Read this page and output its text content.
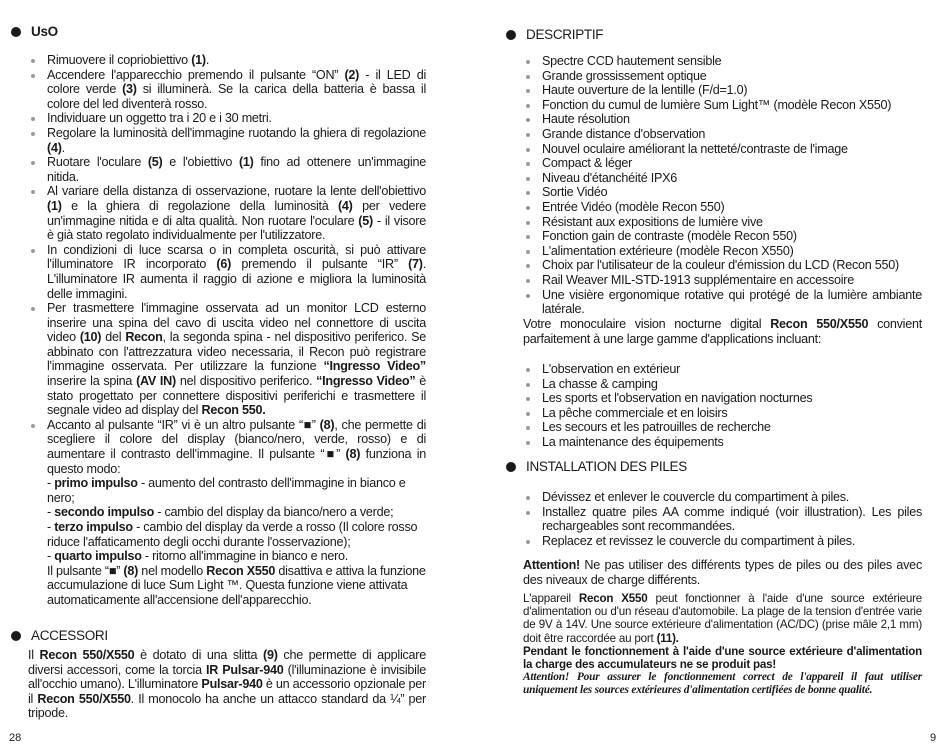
UsO
Rimuovere il copriobiettivo (1).
Accendere l'apparecchio premendo il pulsante “ON” (2) - il LED di colore verde (3) si illuminerà. Se la carica della batteria è bassa il colore del led diventerà rosso.
Individuare un oggetto tra i 20 e i 30 metri.
Regolare la luminosità dell'immagine ruotando la ghiera di regolazione (4).
Ruotare l'oculare (5) e l'obiettivo (1) fino ad ottenere un'immagine nitida.
Al variare della distanza di osservazione, ruotare la lente dell'obiettivo (1) e la ghiera di regolazione della luminosità (4) per vedere un'immagine nitida e di alta qualità. Non ruotare l'oculare (5) - il visore è già stato regolato individualmente per l'utilizzatore.
In condizioni di luce scarsa o in completa oscurità, si può attivare l'illuminatore IR incorporato (6) premendo il pulsante “IR” (7). L'illuminatore IR aumenta il raggio di azione e migliora la luminosità delle immagini.
Per trasmettere l'immagine osservata ad un monitor LCD esterno inserire una spina del cavo di uscita video nel connettore di uscita video (10) del Recon, la segonda spina - nel dispositivo periferico. Se abbinato con l'attrezzatura video necessaria, il Recon può registrare l'immagine osservata. Per utilizzare la funzione “Ingresso Video” inserire la spina (AV IN) nel dispositivo periferico. “Ingresso Video” è stato progettato per connettere dispositivi periferichi e trasmettere il segnale video ad display del Recon 550.
Accanto al pulsante “IR” vi è un altro pulsante “■” (8), che permette di scegliere il colore del display (bianco/nero, verde, rosso) e di aumentare il contrasto dell'immagine. Il pulsante “■” (8) funziona in questo modo:
- primo impulso - aumento del contrasto dell'immagine in bianco e nero;
- secondo impulso - cambio del display da bianco/nero a verde;
- terzo impulso - cambio del display da verde a rosso (Il colore rosso riduce l'affaticamento degli occhi durante l'osservazione);
- quarto impulso - ritorno all'immagine in bianco e nero.
Il pulsante “■” (8) nel modello Recon X550 disattiva e attiva la funzione accumulazione di luce Sum Light ™. Questa funzione viene attivata automaticamente all'accensione dell'apparecchio.
ACCESSORI

Il Recon 550/X550 è dotato di una slitta (9) che permette di applicare diversi accessori, come la torcia IR Pulsar-940 (l'illuminazione è invisibile all'occhio umano). L'illuminatore Pulsar-940 è un accessorio opzionale per il Recon 550/X550. Il monocolo ha anche un attacco standard da ¼” per tripode.

28
DESCRIPTIF
Spectre CCD hautement sensible
Grande grossissement optique
Haute ouverture de la lentille (F/d=1.0)
Fonction du cumul de lumière Sum Light™ (modèle Recon X550)
Haute résolution
Grande distance d'observation
Nouvel oculaire améliorant la netteté/contraste de l'image
Compact & léger
Niveau d'étanchéité IPX6
Sortie Vidéo
Entrée Vidéo (modèle Recon 550)
Résistant aux expositions de lumière vive
Fonction gain de contraste (modèle Recon 550)
L'alimentation extérieure (modèle Recon X550)
Choix par l'utilisateur de la couleur d'émission du LCD (Recon 550)
Rail Weaver MIL-STD-1913 supplémentaire en accessoire
Une visière ergonomique rotative qui protégé de la lumière ambiante latérale.

Votre monoculaire vision nocturne digital Recon 550/X550 convient parfaitement à une large gamme d'applications incluant:

L'observation en extérieur
La chasse & camping
Les sports et l'observation en navigation nocturnes
La pêche commerciale et en loisirs
Les secours et les patrouilles de recherche
La maintenance des équipements
INSTALLATION DES PILES
Dévissez et enlever le couvercle du compartiment à piles.
Installez quatre piles AA comme indiqué (voir illustration). Les piles rechargeables sont recommandées.
Replacez et revissez le couvercle du compartiment à piles.

Attention! Ne pas utiliser des différents types de piles ou des piles avec des niveaux de charge différents.

L'appareil Recon X550 peut fonctionner à l'aide d'une source extérieure d'alimentation ou d'un réseau d'automobile. La plage de la tension d'entrée varie de 9V à 14V. Une source extérieure d'alimentation (AC/DC) (prise mâle 2,1 mm) doit être raccordée au port (11).

Pendant le fonctionnement à l'aide d'une source extérieure d'alimentation la charge des accumulateurs ne se produit pas!

Attention! Pour assurer le fonctionnement correct de l'appareil il faut utiliser uniquement les sources extérieures d'alimentation certifiées de bonne qualité.

9
